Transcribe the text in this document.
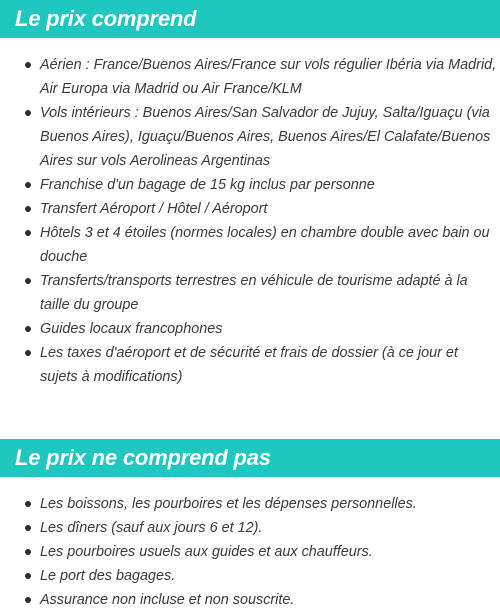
Le prix comprend
Aérien : France/Buenos Aires/France sur vols régulier Ibéria via Madrid, Air Europa via Madrid ou Air France/KLM
Vols intérieurs : Buenos Aires/San Salvador de Jujuy, Salta/Iguaçu (via Buenos Aires), Iguaçu/Buenos Aires, Buenos Aires/El Calafate/Buenos Aires sur vols Aerolineas Argentinas
Franchise d'un bagage de 15 kg inclus par personne
Transfert Aéroport / Hôtel / Aéroport
Hôtels 3 et 4 étoiles (normes locales) en chambre double avec bain ou douche
Transferts/transports terrestres en véhicule de tourisme adapté à la taille du groupe
Guides locaux francophones
Les taxes d'aéroport et de sécurité et frais de dossier (à ce jour et sujets à modifications)
Le prix ne comprend pas
Les boissons, les pourboires et les dépenses personnelles.
Les dîners (sauf aux jours 6 et 12).
Les pourboires usuels aux guides et aux chauffeurs.
Le port des bagages.
Assurance non incluse et non souscrite.
